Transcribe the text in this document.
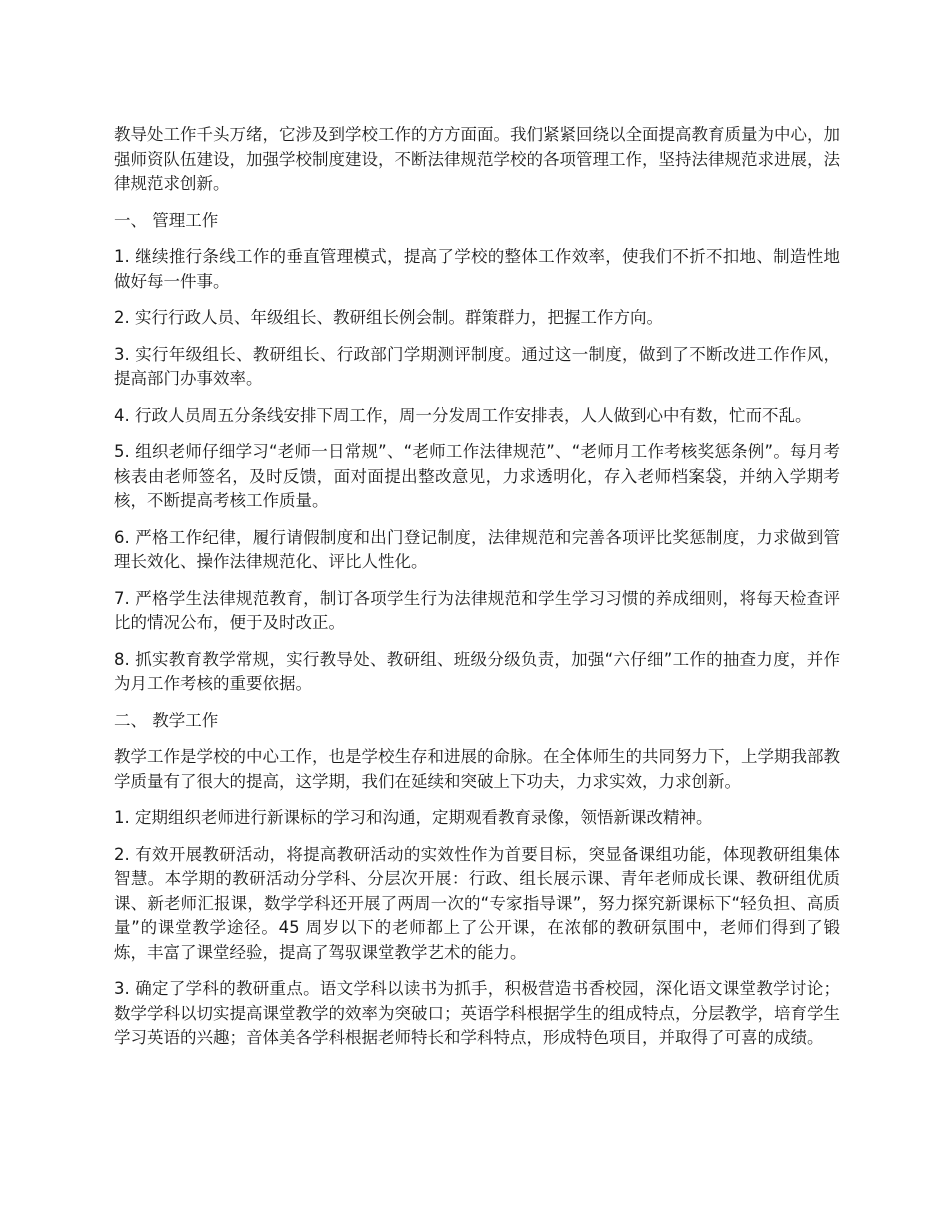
教导处工作千头万绪，它涉及到学校工作的方方面面。我们紧紧回绕以全面提高教育质量为中心，加强师资队伍建设，加强学校制度建设，不断法律规范学校的各项管理工作，坚持法律规范求进展，法律规范求创新。

一、 管理工作

1. 继续推行条线工作的垂直管理模式，提高了学校的整体工作效率，使我们不折不扣地、制造性地做好每一件事。

2. 实行行政人员、年级组长、教研组长例会制。群策群力，把握工作方向。

3. 实行年级组长、教研组长、行政部门学期测评制度。通过这一制度，做到了不断改进工作作风，提高部门办事效率。

4. 行政人员周五分条线安排下周工作，周一分发周工作安排表，人人做到心中有数，忙而不乱。

5. 组织老师仔细学习“老师一日常规”、“老师工作法律规范”、“老师月工作考核奖惩条例”。每月考核表由老师签名，及时反馈，面对面提出整改意见，力求透明化，存入老师档案袋，并纳入学期考核，不断提高考核工作质量。

6. 严格工作纪律，履行请假制度和出门登记制度，法律规范和完善各项评比奖惩制度，力求做到管理长效化、操作法律规范化、评比人性化。

7. 严格学生法律规范教育，制订各项学生行为法律规范和学生学习习惯的养成细则，将每天检查评比的情况公布，便于及时改正。

8. 抓实教育教学常规，实行教导处、教研组、班级分级负责，加强“六仔细”工作的抽查力度，并作为月工作考核的重要依据。

二、 教学工作

教学工作是学校的中心工作，也是学校生存和进展的命脉。在全体师生的共同努力下，上学期我部教学质量有了很大的提高，这学期，我们在延续和突破上下功夫，力求实效，力求创新。

1. 定期组织老师进行新课标的学习和沟通，定期观看教育录像，领悟新课改精神。

2. 有效开展教研活动，将提高教研活动的实效性作为首要目标，突显备课组功能，体现教研组集体智慧。本学期的教研活动分学科、分层次开展：行政、组长展示课、青年老师成长课、教研组优质课、新老师汇报课，数学学科还开展了两周一次的“专家指导课”，努力探究新课标下“轻负担、高质量”的课堂教学途径。45 周岁以下的老师都上了公开课，在浓郁的教研氛围中，老师们得到了锻炼，丰富了课堂经验，提高了驾驭课堂教学艺术的能力。

3. 确定了学科的教研重点。语文学科以读书为抓手，积极营造书香校园，深化语文课堂教学讨论；数学学科以切实提高课堂教学的效率为突破口；英语学科根据学生的组成特点，分层教学，培育学生学习英语的兴趣；音体美各学科根据老师特长和学科特点，形成特色项目，并取得了可喜的成绩。
